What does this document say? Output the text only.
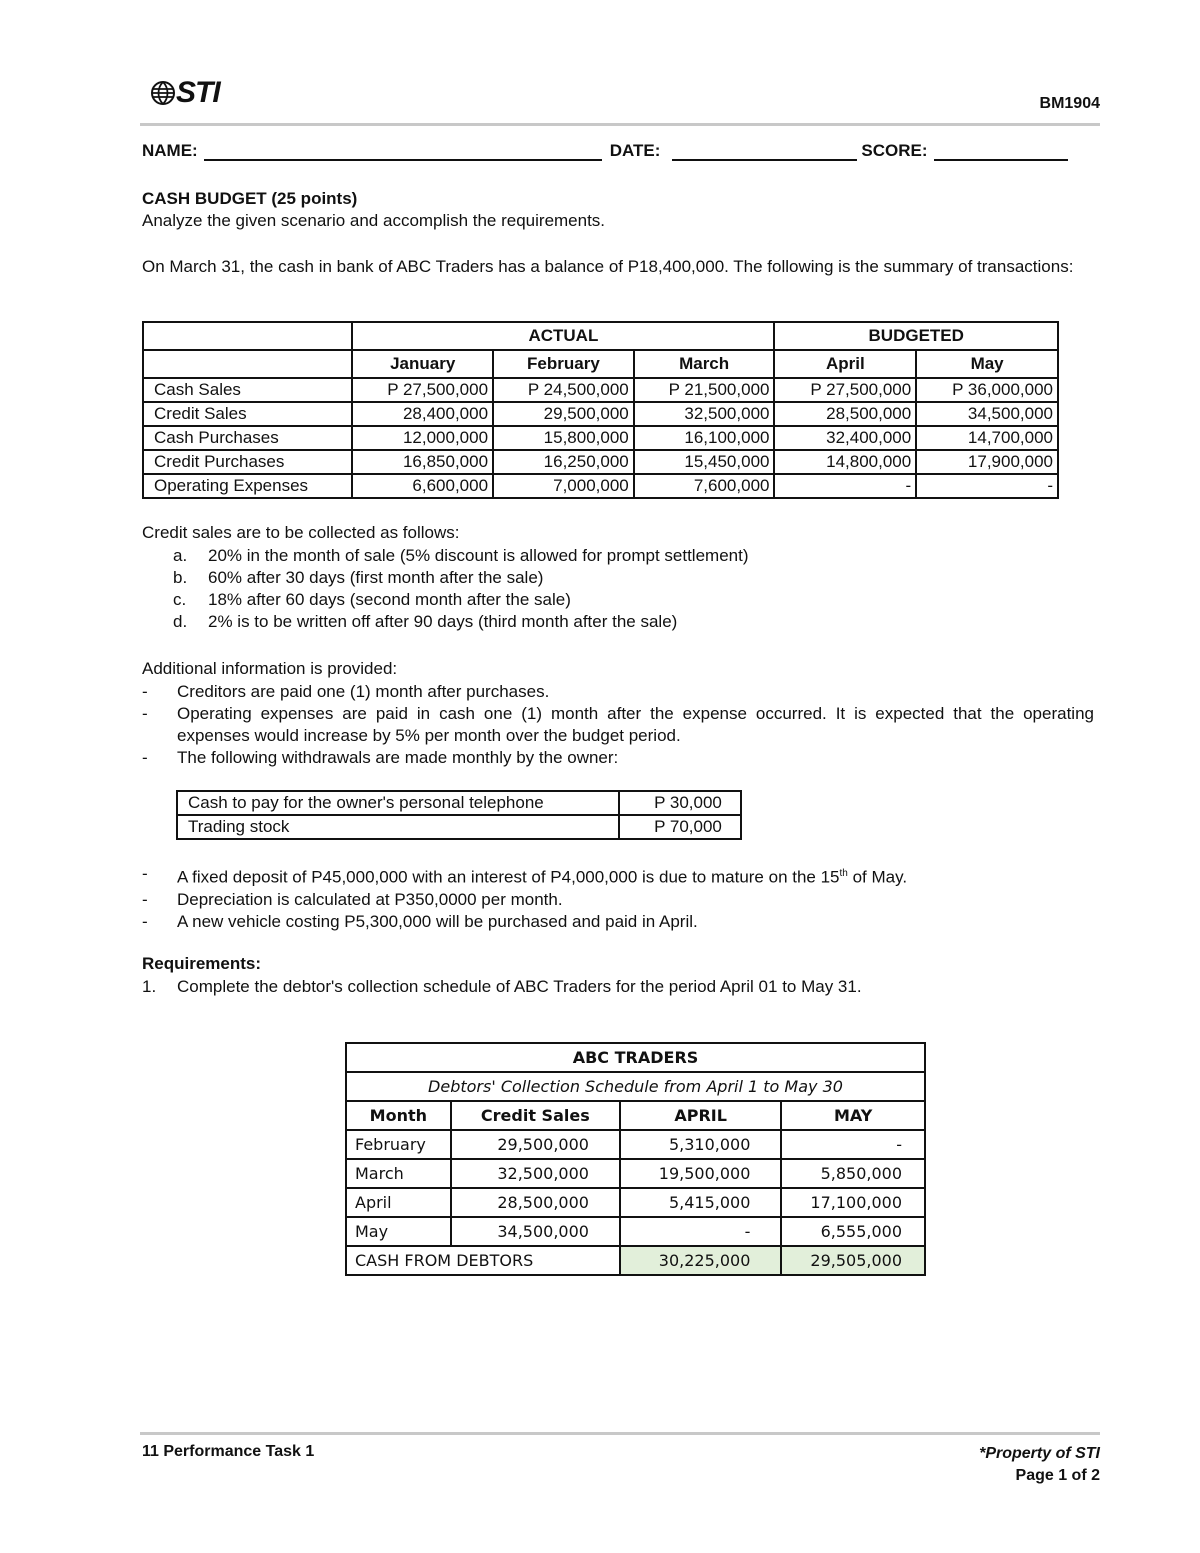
STI	BM1904
NAME:	DATE:	SCORE:
CASH BUDGET (25 points)
Analyze the given scenario and accomplish the requirements.
On March 31, the cash in bank of ABC Traders has a balance of P18,400,000. The following is the summary of transactions:
	ACTUAL			BUDGETED	
	January	February	March	April	May
Cash Sales	P 27,500,000	P 24,500,000	P 21,500,000	P 27,500,000	P 36,000,000
Credit Sales	28,400,000	29,500,000	32,500,000	28,500,000	34,500,000
Cash Purchases	12,000,000	15,800,000	16,100,000	32,400,000	14,700,000
Credit Purchases	16,850,000	16,250,000	15,450,000	14,800,000	17,900,000
Operating Expenses	6,600,000	7,000,000	7,600,000	-	-
Credit sales are to be collected as follows:
a.	20% in the month of sale (5% discount is allowed for prompt settlement)
b.	60% after 30 days (first month after the sale)
c.	18% after 60 days (second month after the sale)
d.	2% is to be written off after 90 days (third month after the sale)
Additional information is provided:
-	Creditors are paid one (1) month after purchases.
-	Operating expenses are paid in cash one (1) month after the expense occurred. It is expected that the operating expenses would increase by 5% per month over the budget period.
-	The following withdrawals are made monthly by the owner:
Cash to pay for the owner's personal telephone	P 30,000
Trading stock	P 70,000
-	A fixed deposit of P45,000,000 with an interest of P4,000,000 is due to mature on the 15th of May.
-	Depreciation is calculated at P350,0000 per month.
-	A new vehicle costing P5,300,000 will be purchased and paid in April.
Requirements:
1.	Complete the debtor's collection schedule of ABC Traders for the period April 01 to May 31.
ABC TRADERS			
Debtors' Collection Schedule from April 1 to May 30			
Month	Credit Sales	APRIL	MAY
February	29,500,000	5,310,000	-
March	32,500,000	19,500,000	5,850,000
April	28,500,000	5,415,000	17,100,000
May	34,500,000	-	6,555,000
CASH FROM DEBTORS		30,225,000	29,505,000
11 Performance Task 1	*Property of STI
Page 1 of 2
